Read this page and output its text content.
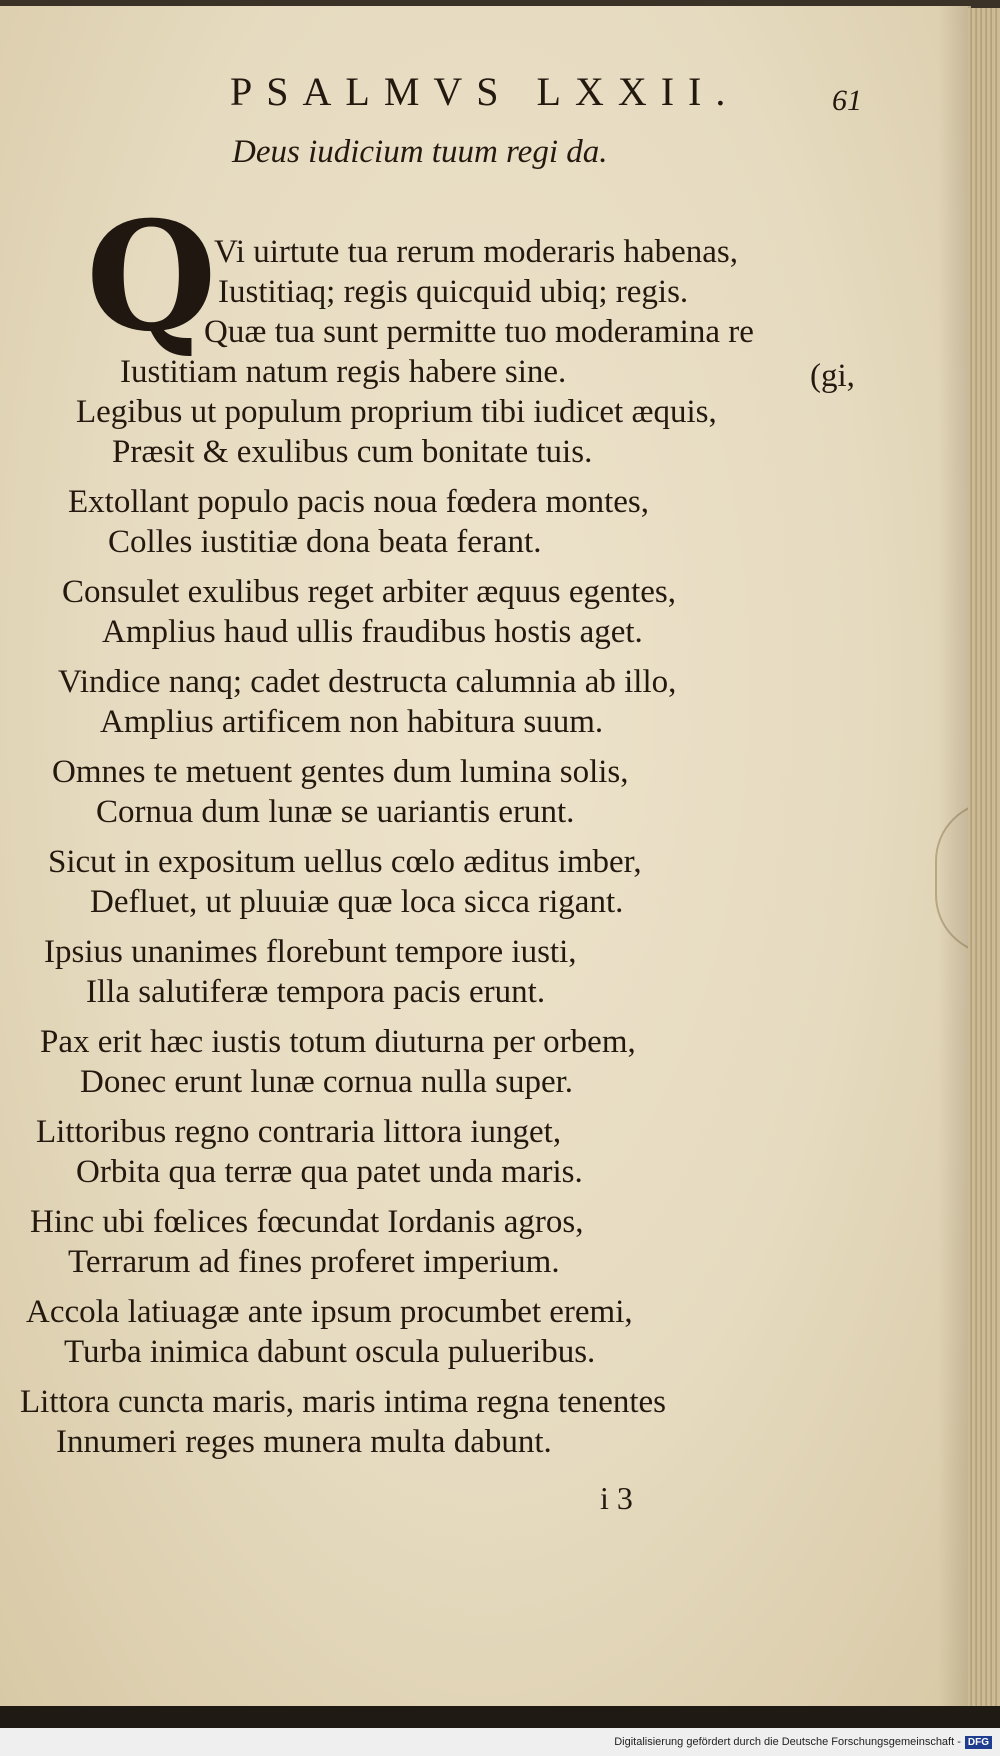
PSALMVS LXXII.	61
Deus iudicium tuum regi da.
Q
Vi uirtute tua rerum moderaris habenas,
Iustitiaq; regis quicquid ubiq; regis.
Quæ tua sunt permitte tuo moderamina re
Iustitiam natum regis habere sine.	(gi,
Legibus ut populum proprium tibi iudicet æquis,
Præsit & exulibus cum bonitate tuis.
Extollant populo pacis noua fœdera montes,
Colles iustitiæ dona beata ferant.
Consulet exulibus reget arbiter æquus egentes,
Amplius haud ullis fraudibus hostis aget.
Vindice nanq; cadet destructa calumnia ab illo,
Amplius artificem non habitura suum.
Omnes te metuent gentes dum lumina solis,
Cornua dum lunæ se uariantis erunt.
Sicut in expositum uellus cœlo æditus imber,
Defluet, ut pluuiæ quæ loca sicca rigant.
Ipsius unanimes florebunt tempore iusti,
Illa salutiferæ tempora pacis erunt.
Pax erit hæc iustis totum diuturna per orbem,
Donec erunt lunæ cornua nulla super.
Littoribus regno contraria littora iunget,
Orbita qua terræ qua patet unda maris.
Hinc ubi fœlices fœcundat Iordanis agros,
Terrarum ad fines proferet imperium.
Accola latiuagæ ante ipsum procumbet eremi,
Turba inimica dabunt oscula pulueribus.
Littora cuncta maris, maris intima regna tenentes
Innumeri reges munera multa dabunt.
i 3
Digitalisierung gefördert durch die Deutsche Forschungsgemeinschaft - DFG
